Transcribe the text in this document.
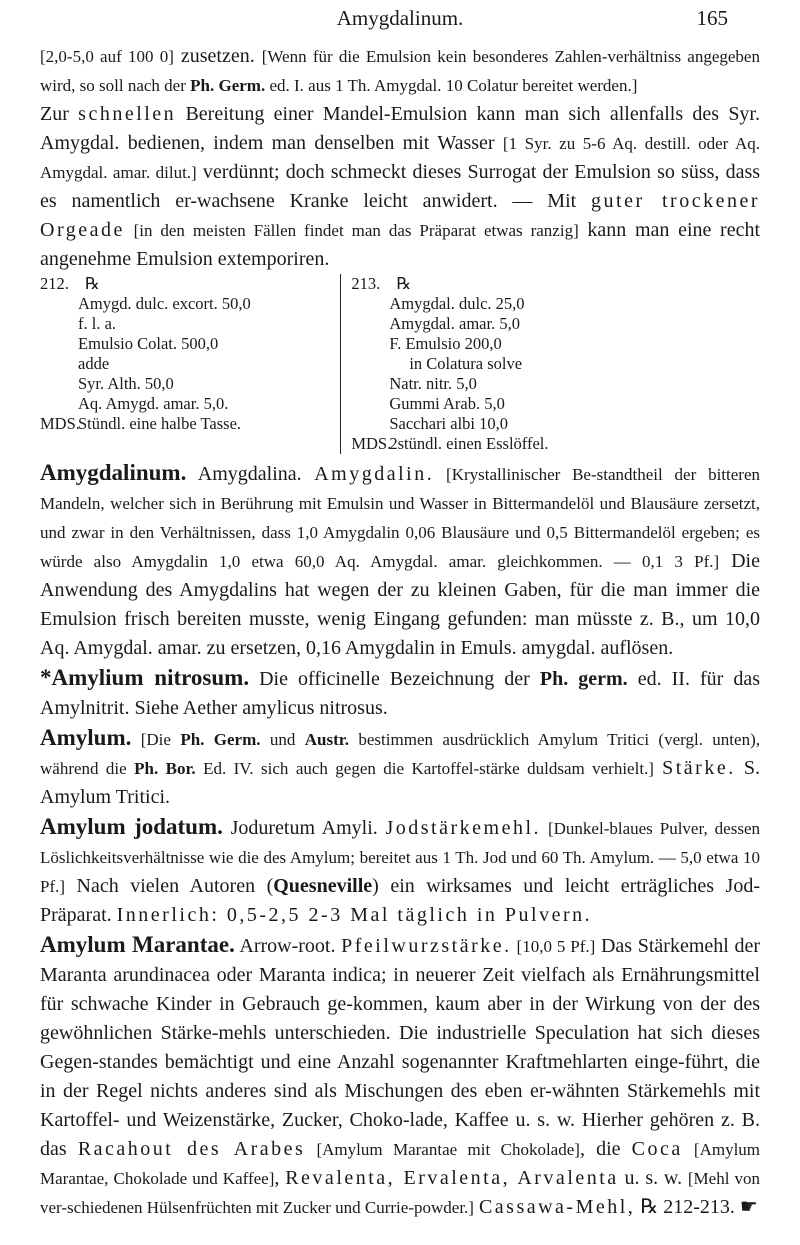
Amygdalinum.	165

[2,0-5,0 auf 100 0] zusetzen. [Wenn für die Emulsion kein besonderes Zahlen-verhältniss angegeben wird, so soll nach der Ph. Germ. ed. I. aus 1 Th. Amygdal. 10 Colatur bereitet werden.]

Zur schnellen Bereitung einer Mandel-Emulsion kann man sich allenfalls des Syr. Amygdal. bedienen, indem man denselben mit Wasser [1 Syr. zu 5-6 Aq. destill. oder Aq. Amygdal. amar. dilut.] verdünnt; doch schmeckt dieses Surrogat der Emulsion so süss, dass es namentlich er-wachsene Kranke leicht anwidert. — Mit guter trockener Orgeade [in den meisten Fällen findet man das Präparat etwas ranzig] kann man eine recht angenehme Emulsion extemporiren.

212. ℞
Amygd. dulc. excort. 50,0
f. l. a.
Emulsio Colat. 500,0
adde
Syr. Alth. 50,0
Aq. Amygd. amar. 5,0.
MDS.Stündl. eine halbe Tasse.
213. ℞
Amygdal. dulc. 25,0
Amygdal. amar. 5,0
F. Emulsio 200,0
in Colatura solve
Natr. nitr. 5,0
Gummi Arab. 5,0
Sacchari albi 10,0
MDS.2stündl. einen Esslöffel.

Amygdalinum. Amygdalina. Amygdalin. [Krystallinischer Be-standtheil der bitteren Mandeln, welcher sich in Berührung mit Emulsin und Wasser in Bittermandelöl und Blausäure zersetzt, und zwar in den Verhältnissen, dass 1,0 Amygdalin 0,06 Blausäure und 0,5 Bittermandelöl ergeben; es würde also Amygdalin 1,0 etwa 60,0 Aq. Amygdal. amar. gleichkommen. — 0,1 3 Pf.] Die Anwendung des Amygdalins hat wegen der zu kleinen Gaben, für die man immer die Emulsion frisch bereiten musste, wenig Eingang gefunden: man müsste z. B., um 10,0 Aq. Amygdal. amar. zu ersetzen, 0,16 Amygdalin in Emuls. amygdal. auflösen.

*Amylium nitrosum. Die officinelle Bezeichnung der Ph. germ. ed. II. für das Amylnitrit. Siehe Aether amylicus nitrosus.

Amylum. [Die Ph. Germ. und Austr. bestimmen ausdrücklich Amylum Tritici (vergl. unten), während die Ph. Bor. Ed. IV. sich auch gegen die Kartoffel-stärke duldsam verhielt.] Stärke. S. Amylum Tritici.

Amylum jodatum. Joduretum Amyli. Jodstärkemehl. [Dunkel-blaues Pulver, dessen Löslichkeitsverhältnisse wie die des Amylum; bereitet aus 1 Th. Jod und 60 Th. Amylum. — 5,0 etwa 10 Pf.] Nach vielen Autoren (Quesneville) ein wirksames und leicht erträgliches Jod-Präparat. Innerlich: 0,5-2,5 2-3 Mal täglich in Pulvern.

Amylum Marantae. Arrow-root. Pfeilwurzstärke. [10,0 5 Pf.] Das Stärkemehl der Maranta arundinacea oder Maranta indica; in neuerer Zeit vielfach als Ernährungsmittel für schwache Kinder in Gebrauch ge-kommen, kaum aber in der Wirkung von der des gewöhnlichen Stärke-mehls unterschieden. Die industrielle Speculation hat sich dieses Gegen-standes bemächtigt und eine Anzahl sogenannter Kraftmehlarten einge-führt, die in der Regel nichts anderes sind als Mischungen des eben er-wähnten Stärkemehls mit Kartoffel- und Weizenstärke, Zucker, Choko-lade, Kaffee u. s. w. Hierher gehören z. B. das Racahout des Arabes [Amylum Marantae mit Chokolade], die Coca [Amylum Marantae, Chokolade und Kaffee], Revalenta, Ervalenta, Arvalenta u. s. w. [Mehl von ver-schiedenen Hülsenfrüchten mit Zucker und Currie-powder.] Cassawa-Mehl, ℞ 212-213. ☛
